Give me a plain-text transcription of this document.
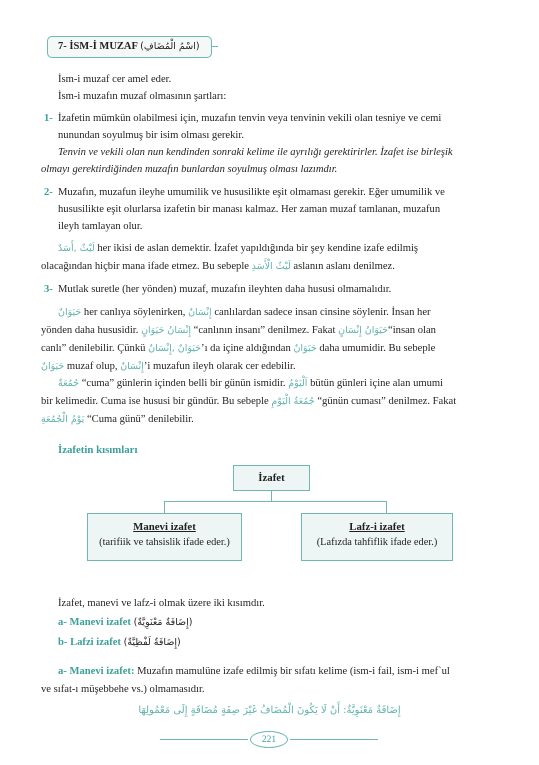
7- İSM-İ MUZAF (اسْمُ الْمُضَافِ)
İsm-i muzaf cer amel eder.
İsm-i muzafın muzaf olmasının şartları:
1- İzafetin mümkün olabilmesi için, muzafın tenvin veya tenvinin vekili olan tesniye ve cemi
nunundan soyulmuş bir isim olması gerekir.
Tenvin ve vekili olan nun kendinden sonraki kelime ile ayrılığı gerektirirler. İzafet ise birleşik
olmayı gerektirdiğinden muzafın bunlardan soyulmuş olması lazımdır.
2- Muzafın, muzafun ileyhe umumilik ve hususilikte eşit olmaması gerekir. Eğer umumilik ve
hususilikte eşit olurlarsa izafetin bir manası kalmaz. Her zaman muzaf tamlanan, muzafun
ileyh tamlayan olur.
لَيْثٌ ,أَسَدٌ her ikisi de aslan demektir. İzafet yapıldığında bir şey kendine izafe edilmiş
olacağından hiçbir mana ifade etmez. Bu sebeple لَيْثُ الْأَسَدِ aslanın aslanı denilmez.
3- Mutlak suretle (her yönden) muzaf, muzafın ileyhten daha hususi olmamalıdır.
حَيَوَانٌ her canlıya söylenirken, إِنْسَانٌ canlılardan sadece insan cinsine söylenir. İnsan her
yönden daha hususidir. إِنْسَانُ حَيَوَانٍ “canlının insanı” denilmez. Fakat حَيَوَانُ إِنْسَانٍ“insan olan
canlı” denilebilir. Çünkü حَيَوَانٌ ,إِنْسَانٌ’ı da içine aldığından حَيَوَانٌ daha umumidir. Bu sebeple
حَيَوَانٌ muzaf olup, إِنْسَانٌ’i muzafun ileyh olarak cer edebilir.
جُمُعَةٌ “cuma” günlerin içinden belli bir günün ismidir. اَلْيَوْمُ bütün günleri içine alan umumi
bir kelimedir. Cuma ise hususi bir gündür. Bu sebeple جُمُعَةُ الْيَوْمِ “günün cuması” denilmez. Fakat
يَوْمُ الْجُمُعَةِ “Cuma günü” denilebilir.
İzafetin kısımları
İzafet
Manevi izafet
(tarifiik ve tahsislik ifade eder.)
Lafz-i izafet
(Lafızda tahfiflik ifade eder.)
İzafet, manevi ve lafz-i olmak üzere iki kısımdır.
a- Manevi izafet (إِضَافَةٌ مَعْنَوِيَّةٌ)
b- Lafzi izafet (إِضَافَةٌ لَفْظِيَّةٌ)
a- Manevi izafet: Muzafın mamulüne izafe edilmiş bir sıfatı kelime (ism-i fail, ism-i mef`ul
ve sıfat-ı müşebbehe vs.) olmamasıdır.
إِضَافَةٌ مَعْنَوِيَّةٌ: أَنْ لَا يَكُونَ الْمُضَافُ غَيْرَ صِفَةٍ مُضَافَةٍ إِلَى مَعْمُولِهَا
221
